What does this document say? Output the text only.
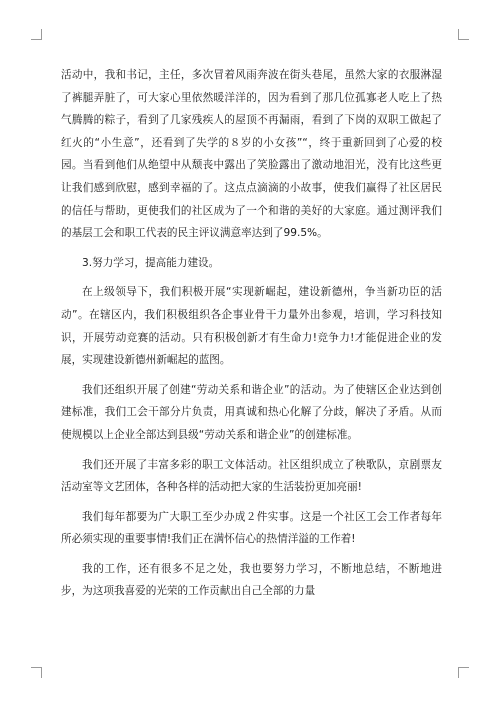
活动中，我和书记，主任，多次冒着风雨奔波在街头巷尾，虽然大家的衣服淋湿了裤腿弄脏了，可大家心里依然暖洋洋的，因为看到了那几位孤寡老人吃上了热气腾腾的粽子，看到了几家残疾人的屋顶不再漏雨，看到了下岗的双职工做起了红火的“小生意”，还看到了失学的８岁的小女孩”“，终于重新回到了心爱的校园。当看到他们从绝望中从颓丧中露出了笑脸露出了激动地泪光，没有比这些更让我们感到欣慰，感到幸福的了。这点点滴滴的小故事，使我们赢得了社区居民的信任与帮助，更使我们的社区成为了一个和谐的美好的大家庭。通过测评我们的基层工会和职工代表的民主评议满意率达到了99.5%。

3.努力学习，提高能力建设。

在上级领导下，我们积极开展“实现新崛起，建设新德州，争当新功臣的活动”。在辖区内，我们积极组织各企事业骨干力量外出参观，培训，学习科技知识，开展劳动竞赛的活动。只有积极创新才有生命力!竞争力!才能促进企业的发展，实现建设新德州新崛起的蓝图。

我们还组织开展了创建“劳动关系和谐企业”的活动。为了使辖区企业达到创建标准，我们工会干部分片负责，用真诚和热心化解了分歧，解决了矛盾。从而使规模以上企业全部达到县级“劳动关系和谐企业”的创建标准。

我们还开展了丰富多彩的职工文体活动。社区组织成立了秧歌队，京剧票友活动室等文艺团体，各种各样的活动把大家的生活装扮更加亮丽!

我们每年都要为广大职工至少办成２件实事。这是一个社区工会工作者每年所必须实现的重要事情!我们正在满怀信心的热情洋溢的工作着!

我的工作，还有很多不足之处，我也要努力学习，不断地总结，不断地进步，为这项我喜爱的光荣的工作贡献出自己全部的力量
